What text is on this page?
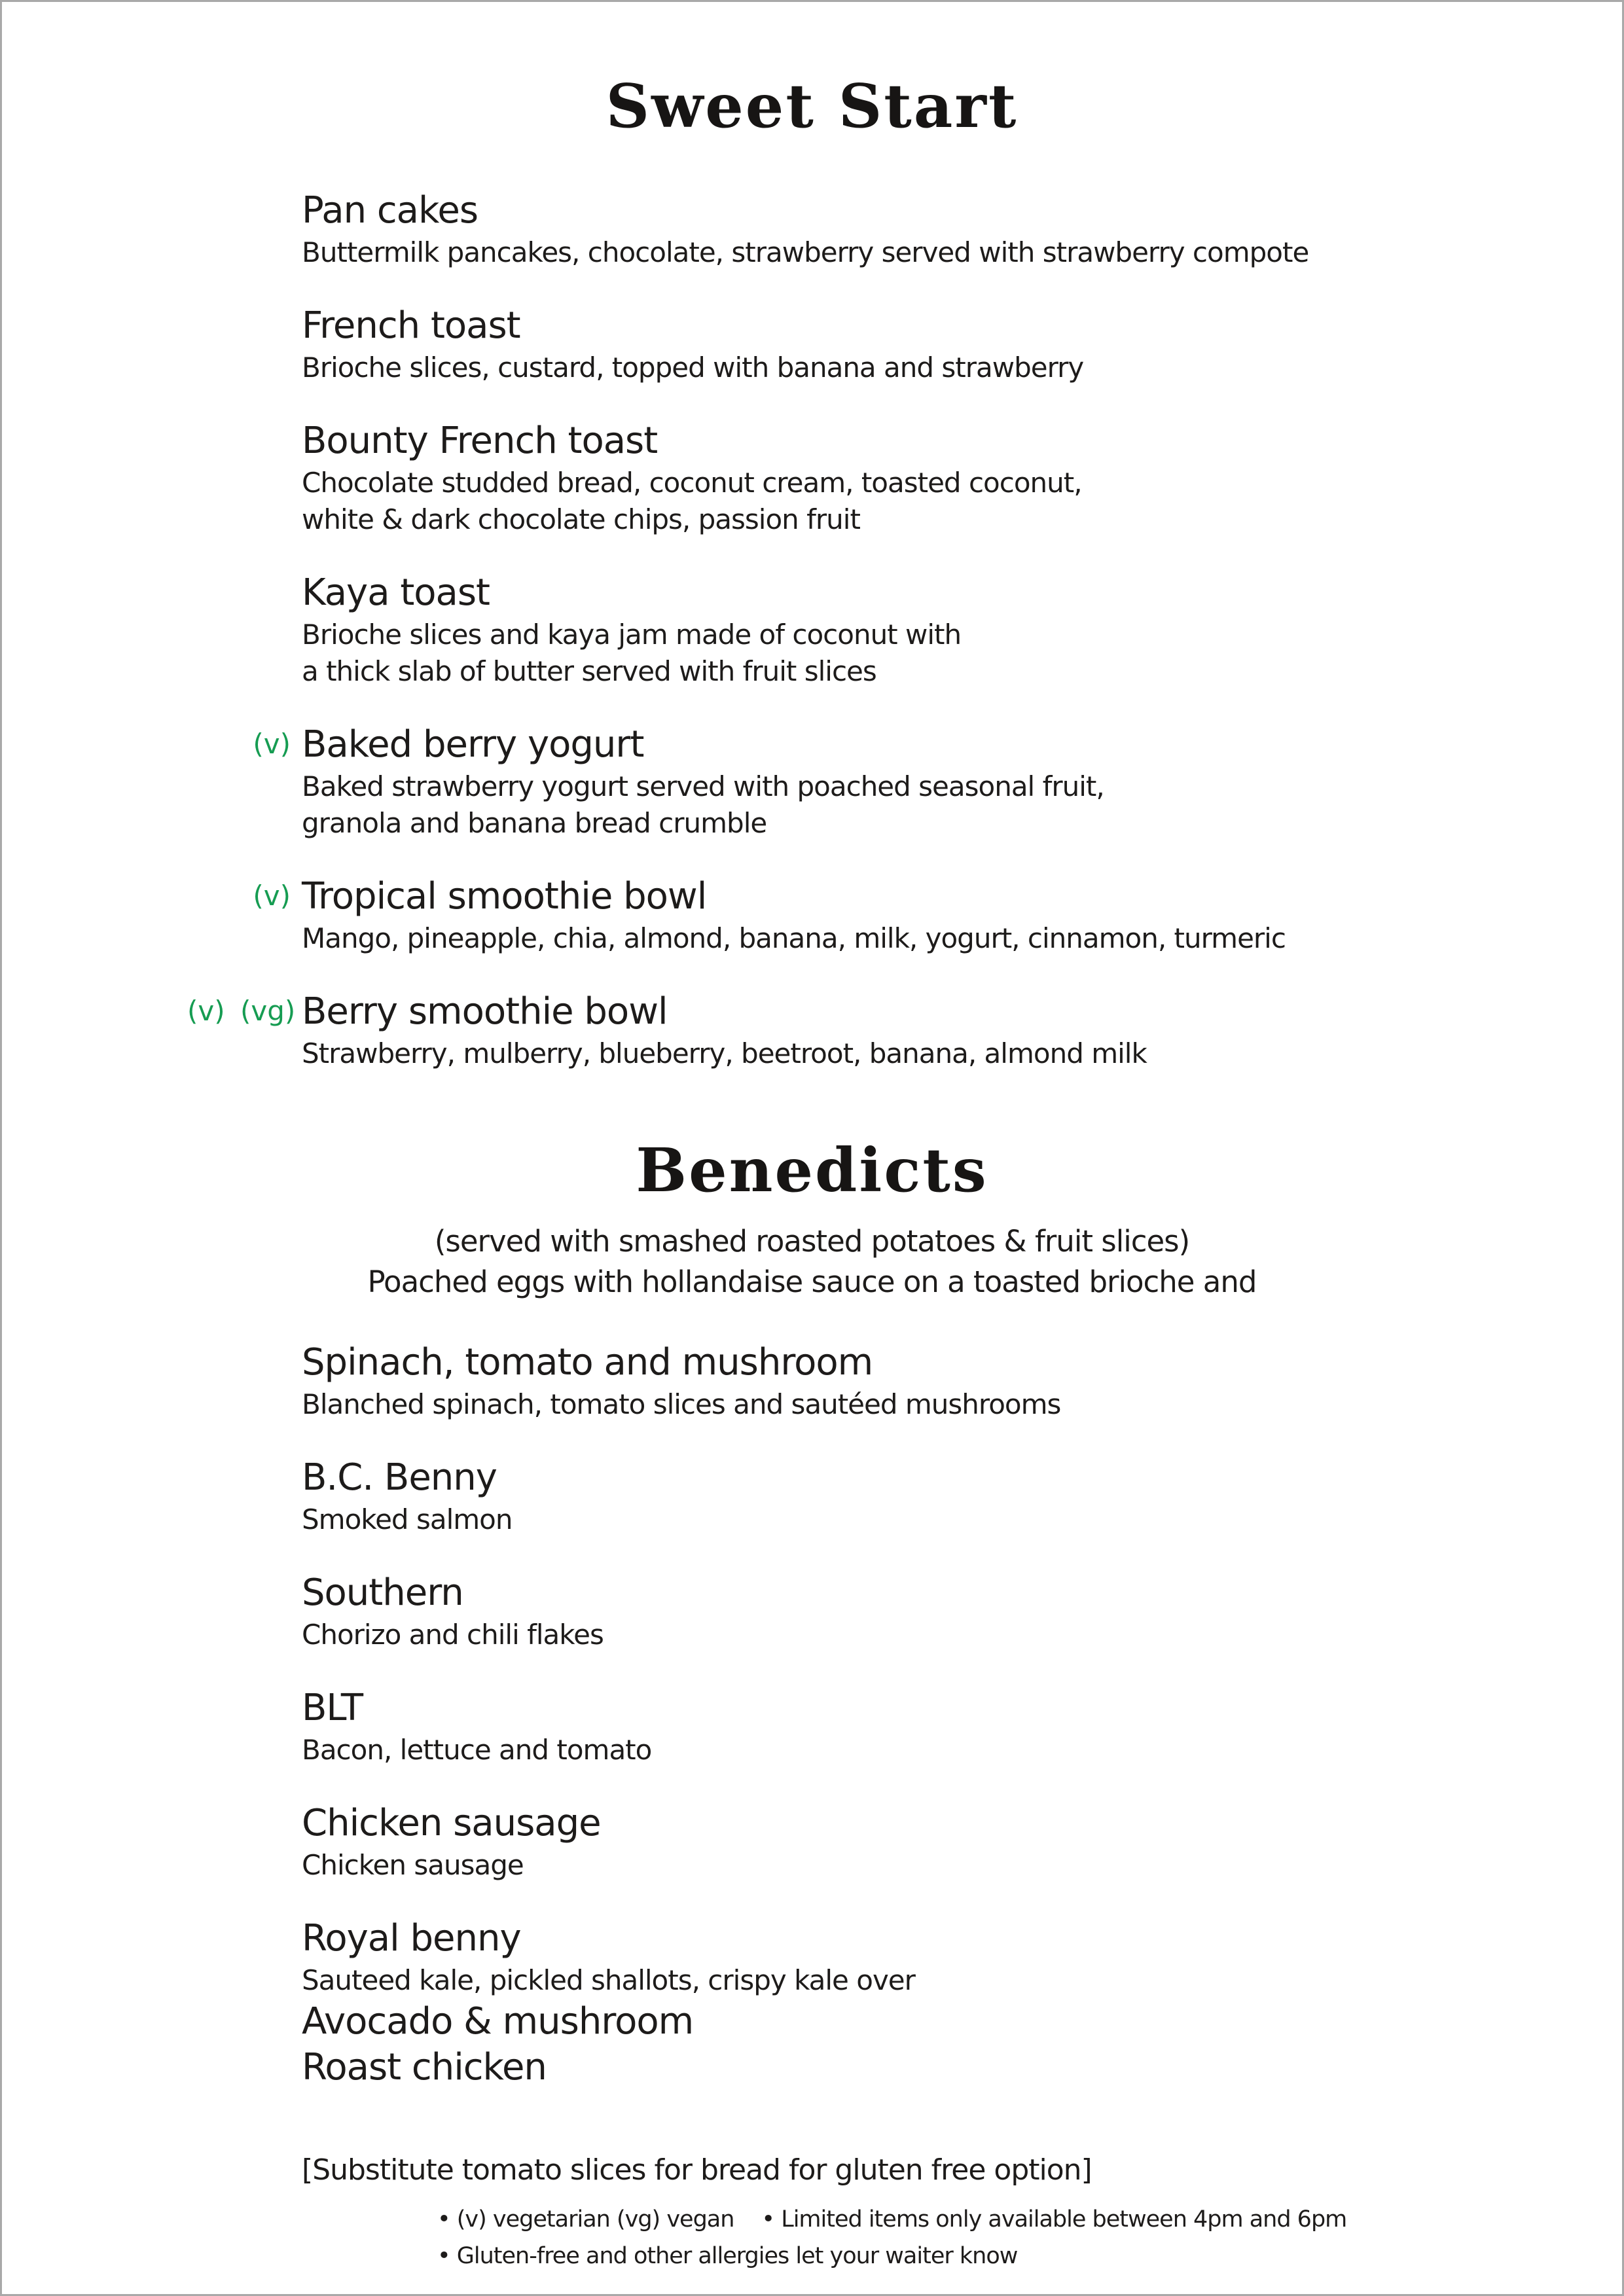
Sweet Start
Pan cakes
Buttermilk pancakes, chocolate, strawberry served with strawberry compote
French toast
Brioche slices, custard, topped with banana and strawberry
Bounty French toast
Chocolate studded bread, coconut cream, toasted coconut,
white & dark chocolate chips, passion fruit
Kaya toast
Brioche slices and kaya jam made of coconut with
a thick slab of butter served with fruit slices
(v) Baked berry yogurt
Baked strawberry yogurt served with poached seasonal fruit,
granola and banana bread crumble
(v) Tropical smoothie bowl
Mango, pineapple, chia, almond, banana, milk, yogurt, cinnamon, turmeric
(v) (vg) Berry smoothie bowl
Strawberry, mulberry, blueberry, beetroot, banana, almond milk
Benedicts
(served with smashed roasted potatoes & fruit slices)
Poached eggs with hollandaise sauce on a toasted brioche and
Spinach, tomato and mushroom
Blanched spinach, tomato slices and sautéed mushrooms
B.C. Benny
Smoked salmon
Southern
Chorizo and chili flakes
BLT
Bacon, lettuce and tomato
Chicken sausage
Chicken sausage
Royal benny
Sauteed kale, pickled shallots, crispy kale over
Avocado & mushroom
Roast chicken
[Substitute tomato slices for bread for gluten free option]
• (v) vegetarian (vg) vegan • Limited items only available between 4pm and 6pm
• Gluten-free and other allergies let your waiter know
